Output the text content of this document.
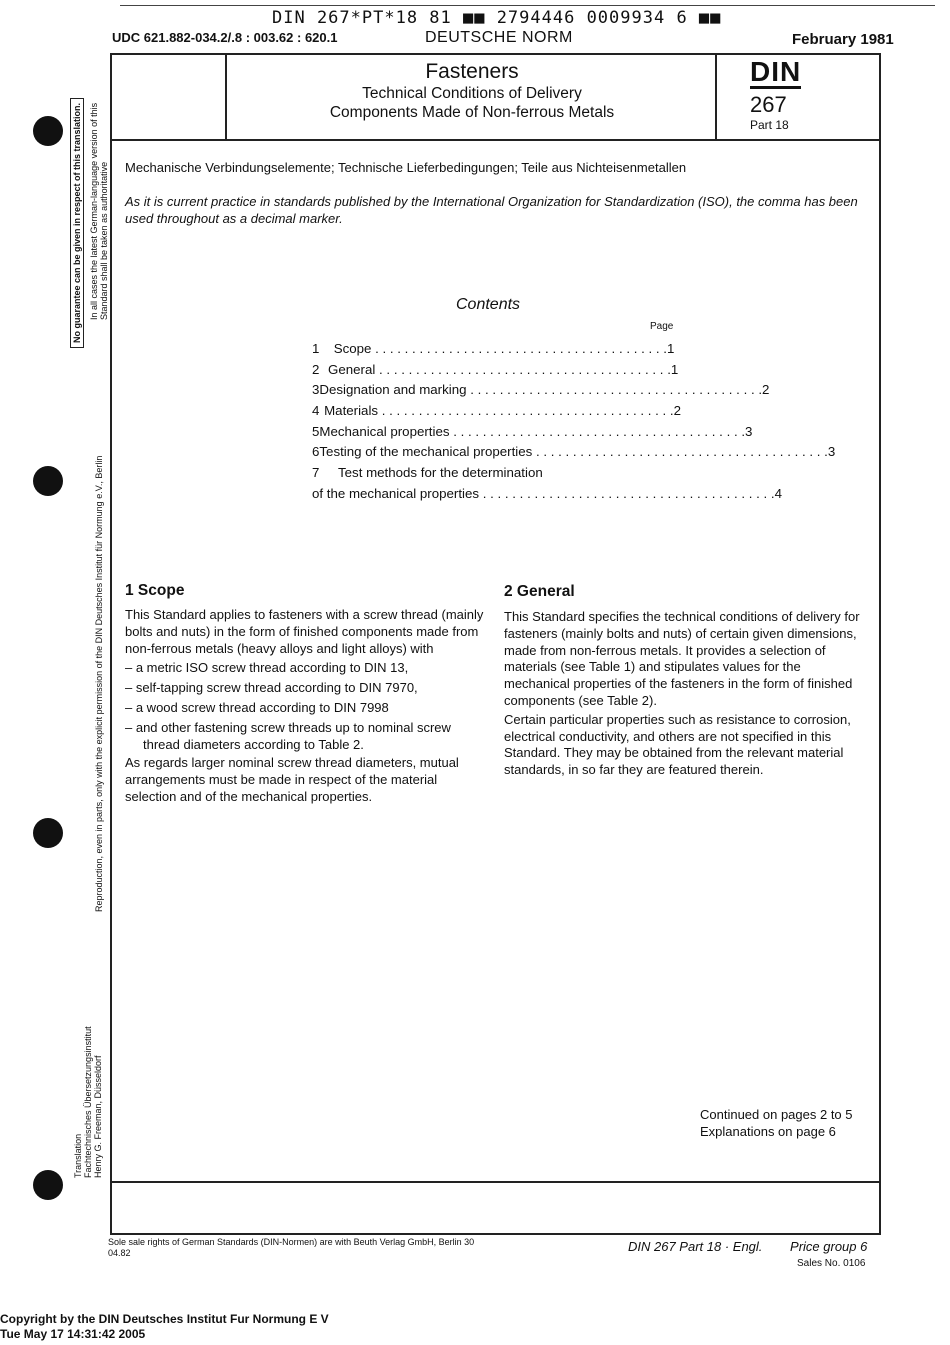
DIN 267*PT*18 81 ■■ 2794446 0009934 6 ■■
UDC 621.882-034.2/.8 : 003.62 : 620.1	DEUTSCHE NORM	February 1981
Fasteners
Technical Conditions of Delivery
Components Made of Non-ferrous Metals
DIN
267
Part 18
Mechanische Verbindungselemente; Technische Lieferbedingungen; Teile aus Nichteisenmetallen
As it is current practice in standards published by the International Organization for Standardization (ISO), the comma has been used throughout as a decimal marker.
Contents
Page
1	Scope . . . . . . . . . . . . . . . . . . . . . . . . . . . . . . . . . . . . . . . . 1
2 General . . . . . . . . . . . . . . . . . . . . . . . . . . . . . . . . . . . . . . . . 1
3 Designation and marking . . . . . . . . . . . . . . . . . . . . . . . . . . . . . . . . . . . . . . . . 2
4 Materials . . . . . . . . . . . . . . . . . . . . . . . . . . . . . . . . . . . . . . . . 2
5 Mechanical properties . . . . . . . . . . . . . . . . . . . . . . . . . . . . . . . . . . . . . . . . 3
6 Testing of the mechanical properties . . . . . . . . . . . . . . . . . . . . . . . . . . . . . . . . . . . . . . . . 3
7	Test methods for the determination
of the mechanical properties . . . . . . . . . . . . . . . . . . . . . . . . . . . . . . . . . . . . . . . . 4
1 Scope

This Standard applies to fasteners with a screw thread (mainly bolts and nuts) in the form of finished components made from non-ferrous metals (heavy alloys and light alloys) with

– a metric ISO screw thread according to DIN 13,

– self-tapping screw thread according to DIN 7970,

– a wood screw thread according to DIN 7998

– and other fastening screw threads up to nominal screw thread diameters according to Table 2.

As regards larger nominal screw thread diameters, mutual arrangements must be made in respect of the material selection and of the mechanical properties.

2 General

This Standard specifies the technical conditions of delivery for fasteners (mainly bolts and nuts) of certain given dimensions, made from non-ferrous metals. It provides a selection of materials (see Table 1) and stipulates values for the mechanical properties of the fasteners in the form of finished components (see Table 2).

Certain particular properties such as resistance to corrosion, electrical conductivity, and others are not specified in this Standard. They may be obtained from the relevant material standards, in so far they are featured therein.

Continued on pages 2 to 5
Explanations on page 6
No guarantee can be given in respect of this translation. In all cases the latest German-language version of this Standard shall be taken as authoritative
Reproduction, even in parts, only with the explicit permission of the DIN Deutsches Institut für Normung e.V., Berlin
Translation Fachtechnisches Übersetzungsinstitut Henry G. Freeman, Düsseldorf
Sole sale rights of German Standards (DIN-Normen) are with Beuth Verlag GmbH, Berlin 30
04.82	DIN 267 Part 18 · Engl. Price group 6
Sales No. 0106
Copyright by the DIN Deutsches Institut Fur Normung E V
Tue May 17 14:31:42 2005
